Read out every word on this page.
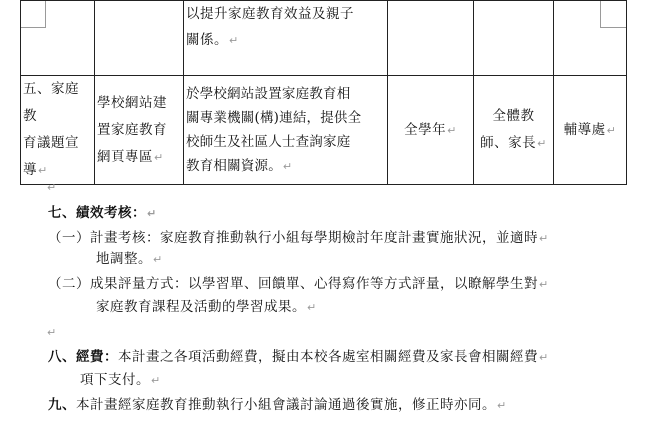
		以提升家庭教育效益及親子
關係。↵			
五、家庭教
育議題宣
導↵	學校網站建
置家庭教育
網頁專區↵	於學校網站設置家庭教育相
關專業機關(構)連結，提供全
校師生及社區人士查詢家庭
教育相關資源。↵	全學年↵	全體教
師、家長↵	輔導處↵
↵
七、績效考核：↵
（一）計畫考核：家庭教育推動執行小組每學期檢討年度計畫實施狀況，並適時↵
地調整。↵
（二）成果評量方式：以學習單、回饋單、心得寫作等方式評量，以瞭解學生對↵
家庭教育課程及活動的學習成果。↵
↵
八、經費：本計畫之各項活動經費，擬由本校各處室相關經費及家長會相關經費↵
項下支付。↵
九、本計畫經家庭教育推動執行小組會議討論通過後實施，修正時亦同。↵
